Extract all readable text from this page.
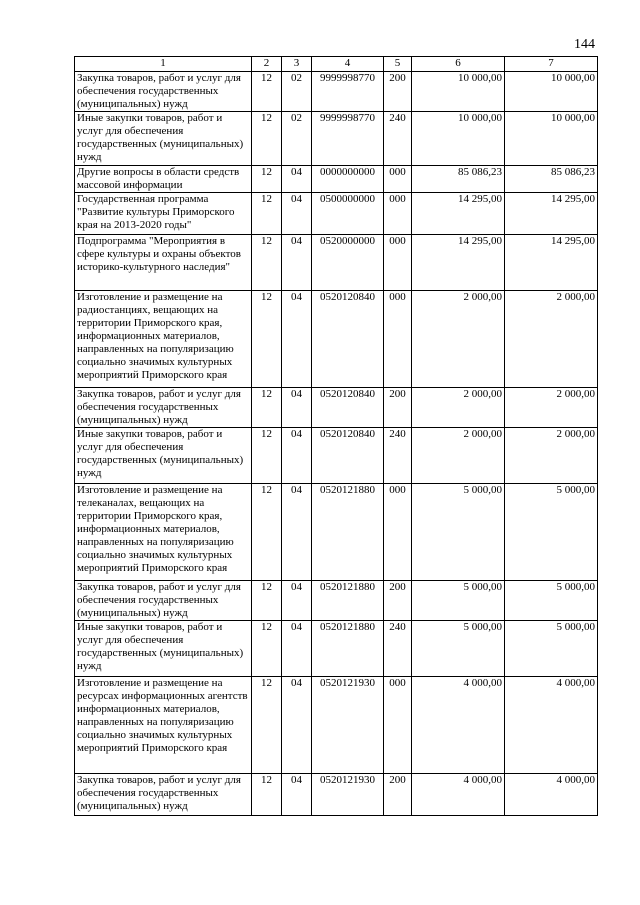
144
1	2	3	4	5	6	7
Закупка товаров, работ и услуг для обеспечения государственных (муниципальных) нужд	12	02	9999998770	200	10 000,00	10 000,00
Иные закупки товаров, работ и услуг для обеспечения государственных (муниципальных) нужд	12	02	9999998770	240	10 000,00	10 000,00
Другие вопросы в области средств массовой информации	12	04	0000000000	000	85 086,23	85 086,23
Государственная программа "Развитие культуры Приморского края на 2013-2020 годы"	12	04	0500000000	000	14 295,00	14 295,00
Подпрограмма "Мероприятия в сфере культуры и охраны объектов историко-культурного наследия"	12	04	0520000000	000	14 295,00	14 295,00
Изготовление и размещение на радиостанциях, вещающих на территории Приморского края, информационных материалов, направленных на популяризацию социально значимых культурных мероприятий Приморского края	12	04	0520120840	000	2 000,00	2 000,00
Закупка товаров, работ и услуг для обеспечения государственных (муниципальных) нужд	12	04	0520120840	200	2 000,00	2 000,00
Иные закупки товаров, работ и услуг для обеспечения государственных (муниципальных) нужд	12	04	0520120840	240	2 000,00	2 000,00
Изготовление и размещение на телеканалах, вещающих на территории Приморского края, информационных материалов, направленных на популяризацию социально значимых культурных мероприятий Приморского края	12	04	0520121880	000	5 000,00	5 000,00
Закупка товаров, работ и услуг для обеспечения государственных (муниципальных) нужд	12	04	0520121880	200	5 000,00	5 000,00
Иные закупки товаров, работ и услуг для обеспечения государственных (муниципальных) нужд	12	04	0520121880	240	5 000,00	5 000,00
Изготовление и размещение на ресурсах информационных агентств информационных материалов, направленных на популяризацию социально значимых культурных мероприятий Приморского края	12	04	0520121930	000	4 000,00	4 000,00
Закупка товаров, работ и услуг для обеспечения государственных (муниципальных) нужд	12	04	0520121930	200	4 000,00	4 000,00
